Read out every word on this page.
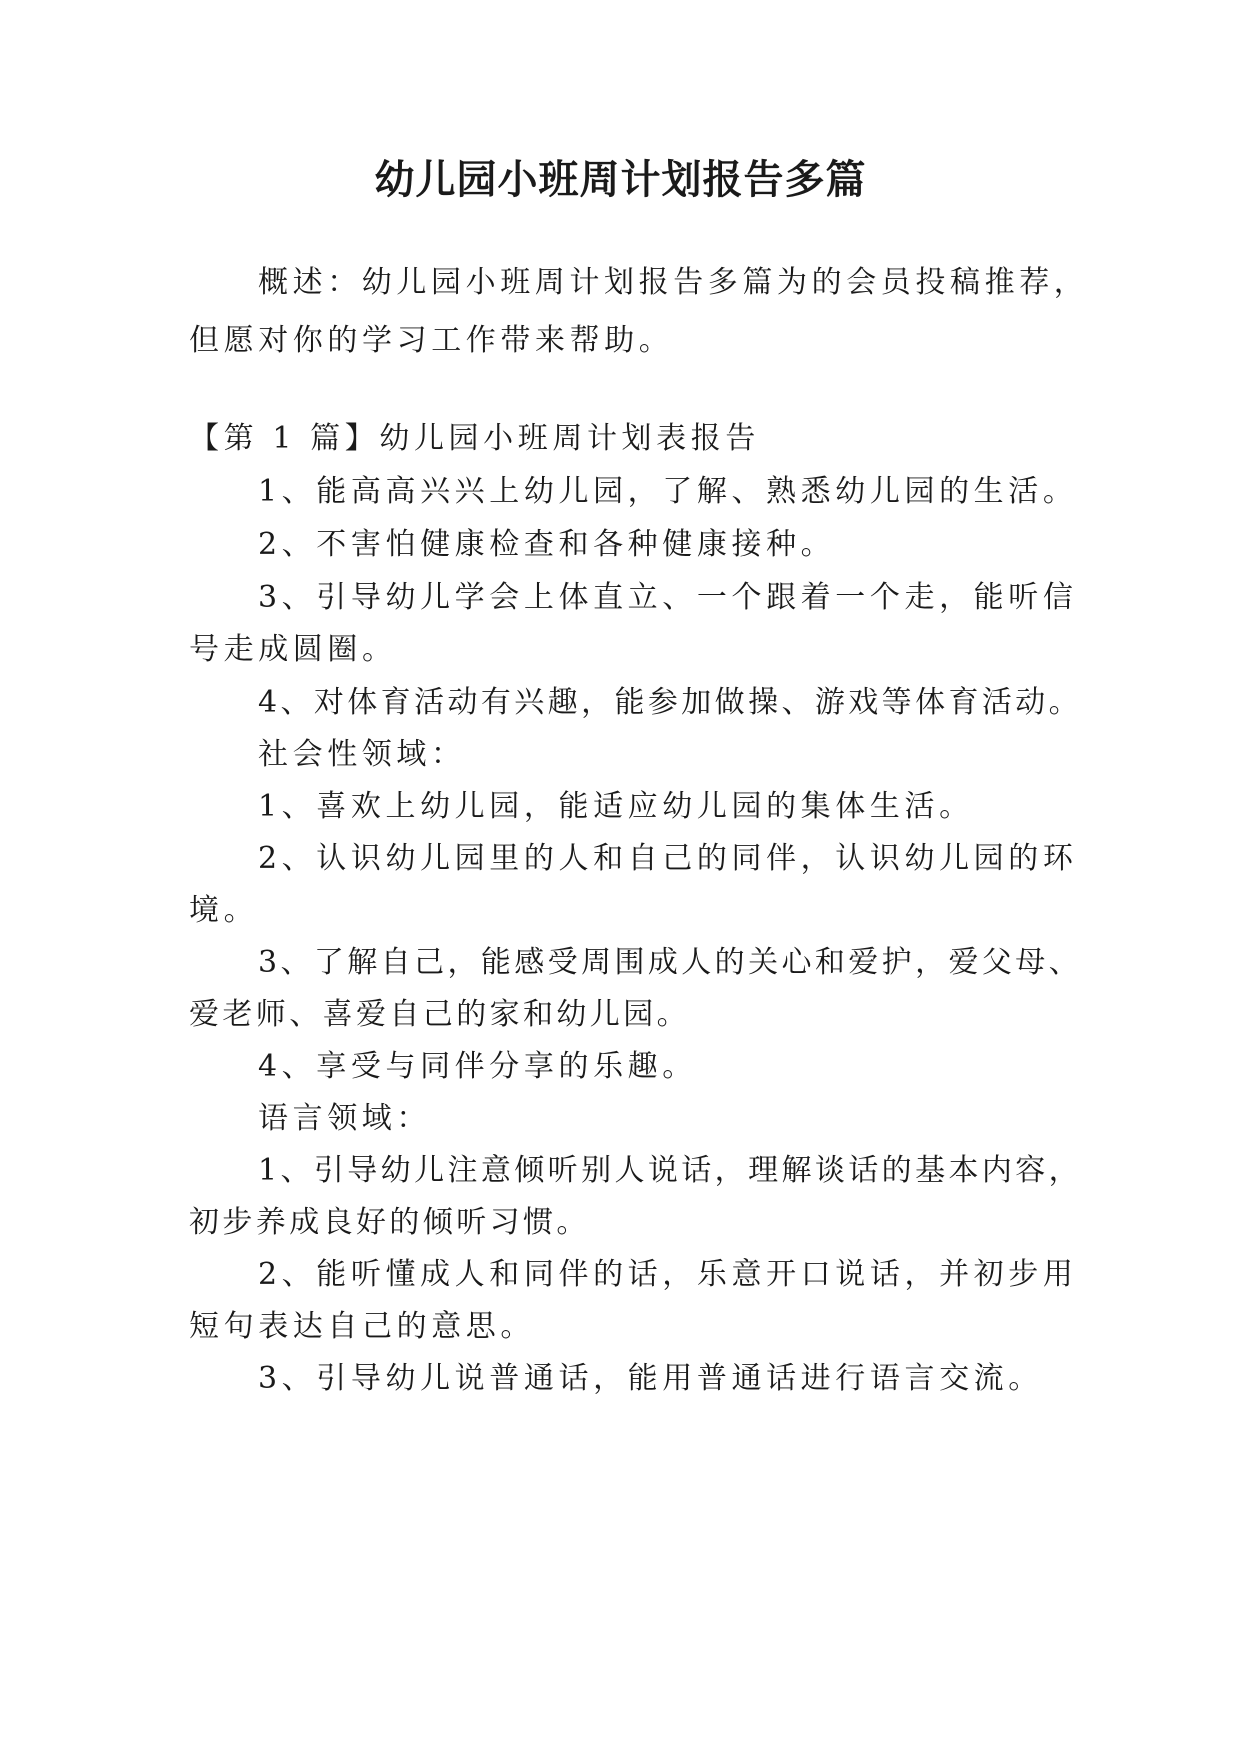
幼儿园小班周计划报告多篇
概述：幼儿园小班周计划报告多篇为的会员投稿推荐，
但愿对你的学习工作带来帮助。
【第 1 篇】幼儿园小班周计划表报告
1、能高高兴兴上幼儿园，了解、熟悉幼儿园的生活。
2、不害怕健康检查和各种健康接种。
3、引导幼儿学会上体直立、一个跟着一个走，能听信
号走成圆圈。
4、对体育活动有兴趣，能参加做操、游戏等体育活动。
社会性领域：
1、喜欢上幼儿园，能适应幼儿园的集体生活。
2、认识幼儿园里的人和自己的同伴，认识幼儿园的环
境。
3、了解自己，能感受周围成人的关心和爱护，爱父母、
爱老师、喜爱自己的家和幼儿园。
4、享受与同伴分享的乐趣。
语言领域：
1、引导幼儿注意倾听别人说话，理解谈话的基本内容，
初步养成良好的倾听习惯。
2、能听懂成人和同伴的话，乐意开口说话，并初步用
短句表达自己的意思。
3、引导幼儿说普通话，能用普通话进行语言交流。
